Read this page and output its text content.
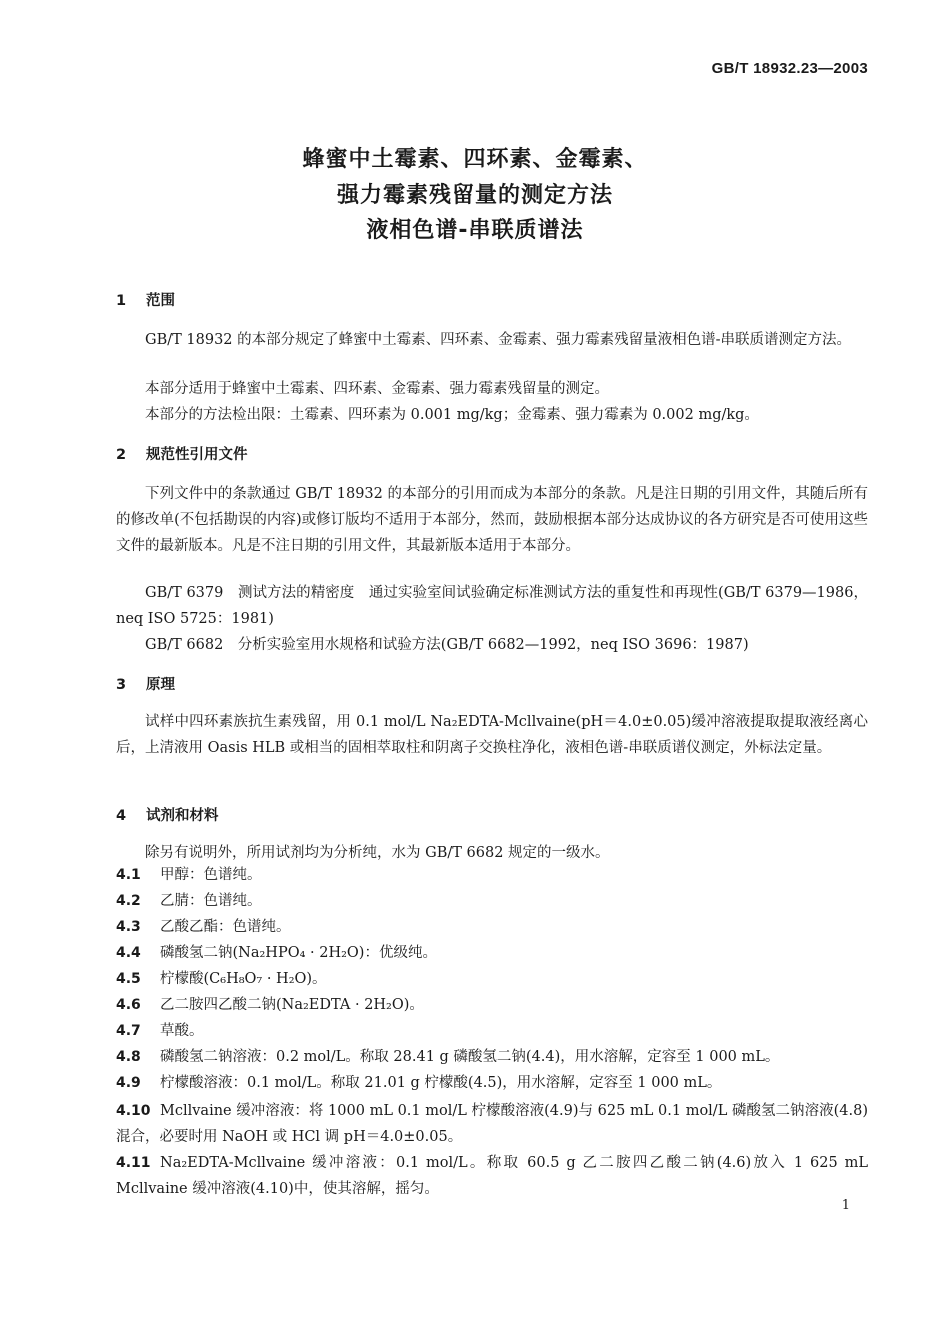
GB/T 18932.23—2003
蜂蜜中土霉素、四环素、金霉素、
强力霉素残留量的测定方法
液相色谱-串联质谱法
1 范围

GB/T 18932 的本部分规定了蜂蜜中土霉素、四环素、金霉素、强力霉素残留量液相色谱-串联质谱测定方法。

本部分适用于蜂蜜中土霉素、四环素、金霉素、强力霉素残留量的测定。

本部分的方法检出限：土霉素、四环素为 0.001 mg/kg；金霉素、强力霉素为 0.002 mg/kg。

2 规范性引用文件

下列文件中的条款通过 GB/T 18932 的本部分的引用而成为本部分的条款。凡是注日期的引用文件，其随后所有的修改单(不包括勘误的内容)或修订版均不适用于本部分，然而，鼓励根据本部分达成协议的各方研究是否可使用这些文件的最新版本。凡是不注日期的引用文件，其最新版本适用于本部分。

GB/T 6379　测试方法的精密度　通过实验室间试验确定标准测试方法的重复性和再现性(GB/T 6379—1986，neq ISO 5725：1981)

GB/T 6682　分析实验室用水规格和试验方法(GB/T 6682—1992，neq ISO 3696：1987)

3 原理

试样中四环素族抗生素残留，用 0.1 mol/L Na₂EDTA-Mcllvaine(pH＝4.0±0.05)缓冲溶液提取提取液经离心后，上清液用 Oasis HLB 或相当的固相萃取柱和阴离子交换柱净化，液相色谱-串联质谱仪测定，外标法定量。

4 试剂和材料

除另有说明外，所用试剂均为分析纯，水为 GB/T 6682 规定的一级水。

4.1 甲醇：色谱纯。

4.2 乙腈：色谱纯。

4.3 乙酸乙酯：色谱纯。

4.4 磷酸氢二钠(Na₂HPO₄ · 2H₂O)：优级纯。

4.5 柠檬酸(C₆H₈O₇ · H₂O)。

4.6 乙二胺四乙酸二钠(Na₂EDTA · 2H₂O)。

4.7 草酸。

4.8 磷酸氢二钠溶液：0.2 mol/L。称取 28.41 g 磷酸氢二钠(4.4)，用水溶解，定容至 1 000 mL。

4.9 柠檬酸溶液：0.1 mol/L。称取 21.01 g 柠檬酸(4.5)，用水溶解，定容至 1 000 mL。

4.10 Mcllvaine 缓冲溶液：将 1000 mL 0.1 mol/L 柠檬酸溶液(4.9)与 625 mL 0.1 mol/L 磷酸氢二钠溶液(4.8)混合，必要时用 NaOH 或 HCl 调 pH＝4.0±0.05。

4.11 Na₂EDTA-Mcllvaine 缓冲溶液：0.1 mol/L。称取 60.5 g 乙二胺四乙酸二钠(4.6)放入 1 625 mL Mcllvaine 缓冲溶液(4.10)中，使其溶解，摇匀。

1
